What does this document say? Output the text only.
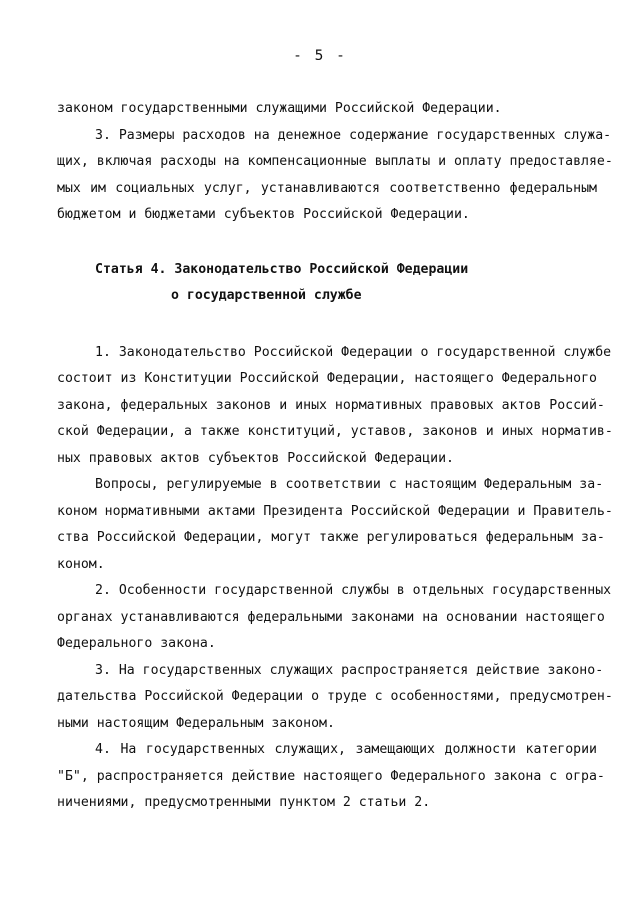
- 5 -
законом государственными служащими Российской Федерации.
3. Размеры расходов на денежное содержание государственных служа-
щих, включая расходы на компенсационные выплаты и оплату предоставляе-
мых им социальных услуг, устанавливаются соответственно федеральным
бюджетом и бюджетами субъектов Российской Федерации.
Статья 4. Законодательство Российской Федерации
о государственной службе
1. Законодательство Российской Федерации о государственной службе
состоит из Конституции Российской Федерации, настоящего Федерального
закона, федеральных законов и иных нормативных правовых актов Россий-
ской Федерации, а также конституций, уставов, законов и иных норматив-
ных правовых актов субъектов Российской Федерации.
Вопросы, регулируемые в соответствии с настоящим Федеральным за-
коном нормативными актами Президента Российской Федерации и Правитель-
ства Российской Федерации, могут также регулироваться федеральным за-
коном.
2. Особенности государственной службы в отдельных государственных
органах устанавливаются федеральными законами на основании настоящего
Федерального закона.
3. На государственных служащих распространяется действие законо-
дательства Российской Федерации о труде с особенностями, предусмотрен-
ными настоящим Федеральным законом.
4. На государственных служащих, замещающих должности категории
"Б", распространяется действие настоящего Федерального закона с огра-
ничениями, предусмотренными пунктом 2 статьи 2.
